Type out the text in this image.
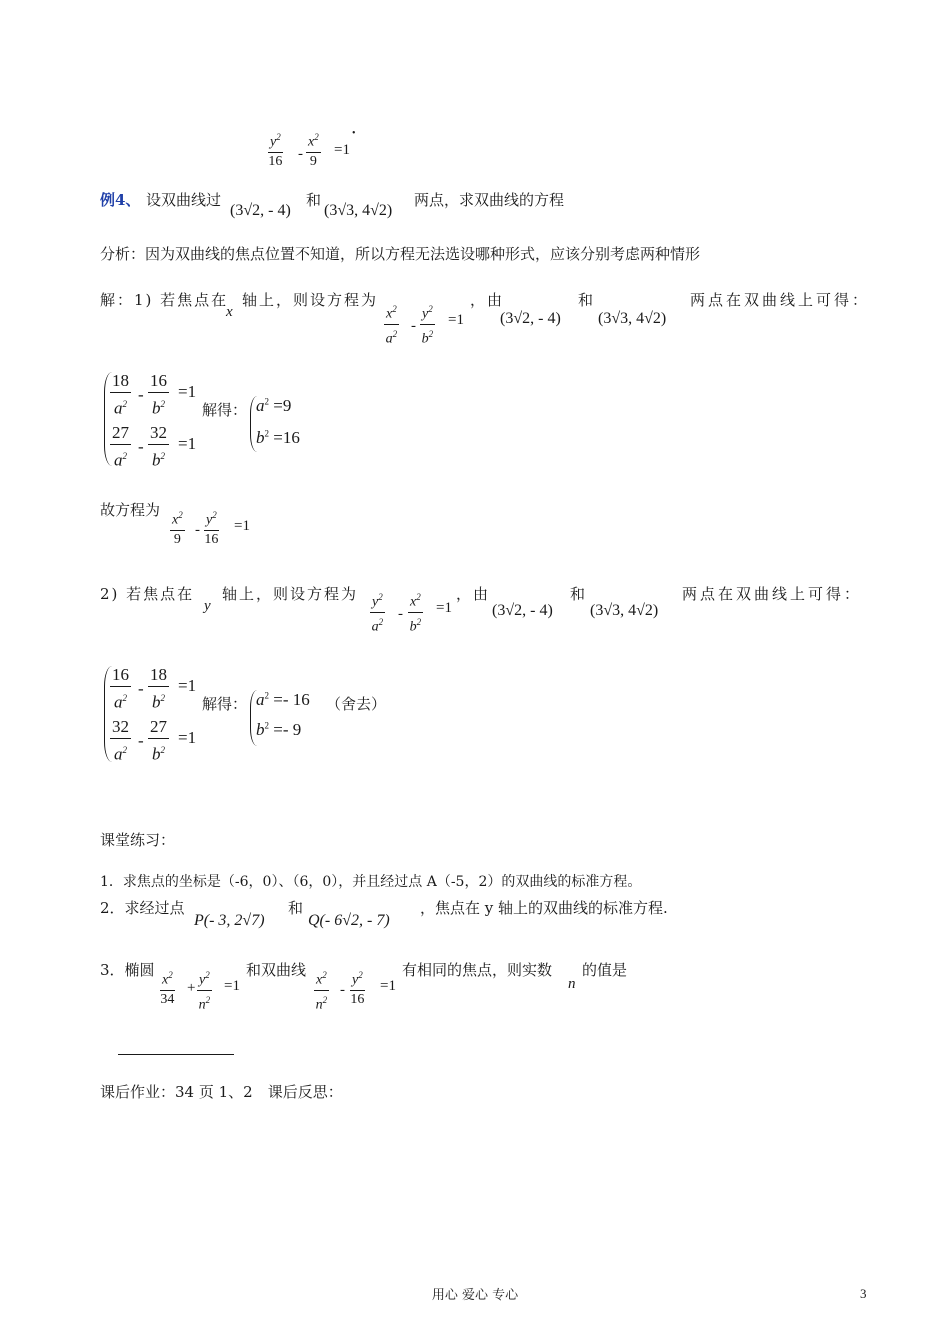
$\frac{y^2}{16} - \frac{x^2}{9} =1$
•
例4、 设双曲线过
(3√2, - 4)
和
(3√3, 4√2)
两点，求双曲线的方程
分析：因为双曲线的焦点位置不知道，所以方程无法选设哪种形式，应该分别考虑两种情形
解：1) 若焦点在
x
轴上，则设方程为 $\frac{x^2}{a^2} - \frac{y^2}{b^2} =1$
，由
(3√2, - 4)
和
(3√3, 4√2)
两点在双曲线上可得：
$\frac{18}{a^2} - \frac{16}{b^2} =1$
$\frac{27}{a^2} - \frac{32}{b^2} =1$
解得： $a^2 =9$
$b^2 =16$
故方程为 $\frac{x^2}{9} - \frac{y^2}{16} =1$
2) 若焦点在
y
轴上，则设方程为 $\frac{y^2}{a^2} - \frac{x^2}{b^2} =1$
，由
(3√2, - 4)
和
(3√3, 4√2)
两点在双曲线上可得：
$\frac{16}{a^2} - \frac{18}{b^2} =1$
$\frac{32}{a^2} - \frac{27}{b^2} =1$
解得： $a^2 =- 16$ （舍去）
$b^2 =- 9$
课堂练习：
1．求焦点的坐标是（-6，0）、（6，0），并且经过点 A（-5，2）的双曲线的标准方程。
2．求经过点
P(- 3, 2√7)
和
Q(- 6√2, - 7)
，焦点在 y 轴上的双曲线的标准方程.
3．椭圆 $\frac{x^2}{34} + \frac{y^2}{n^2} =1$
和双曲线 $\frac{x^2}{n^2} - \frac{y^2}{16} =1$
有相同的焦点，则实数
n
的值是
课后作业：34 页 1、2　课后反思：
用心 爱心 专心	3
